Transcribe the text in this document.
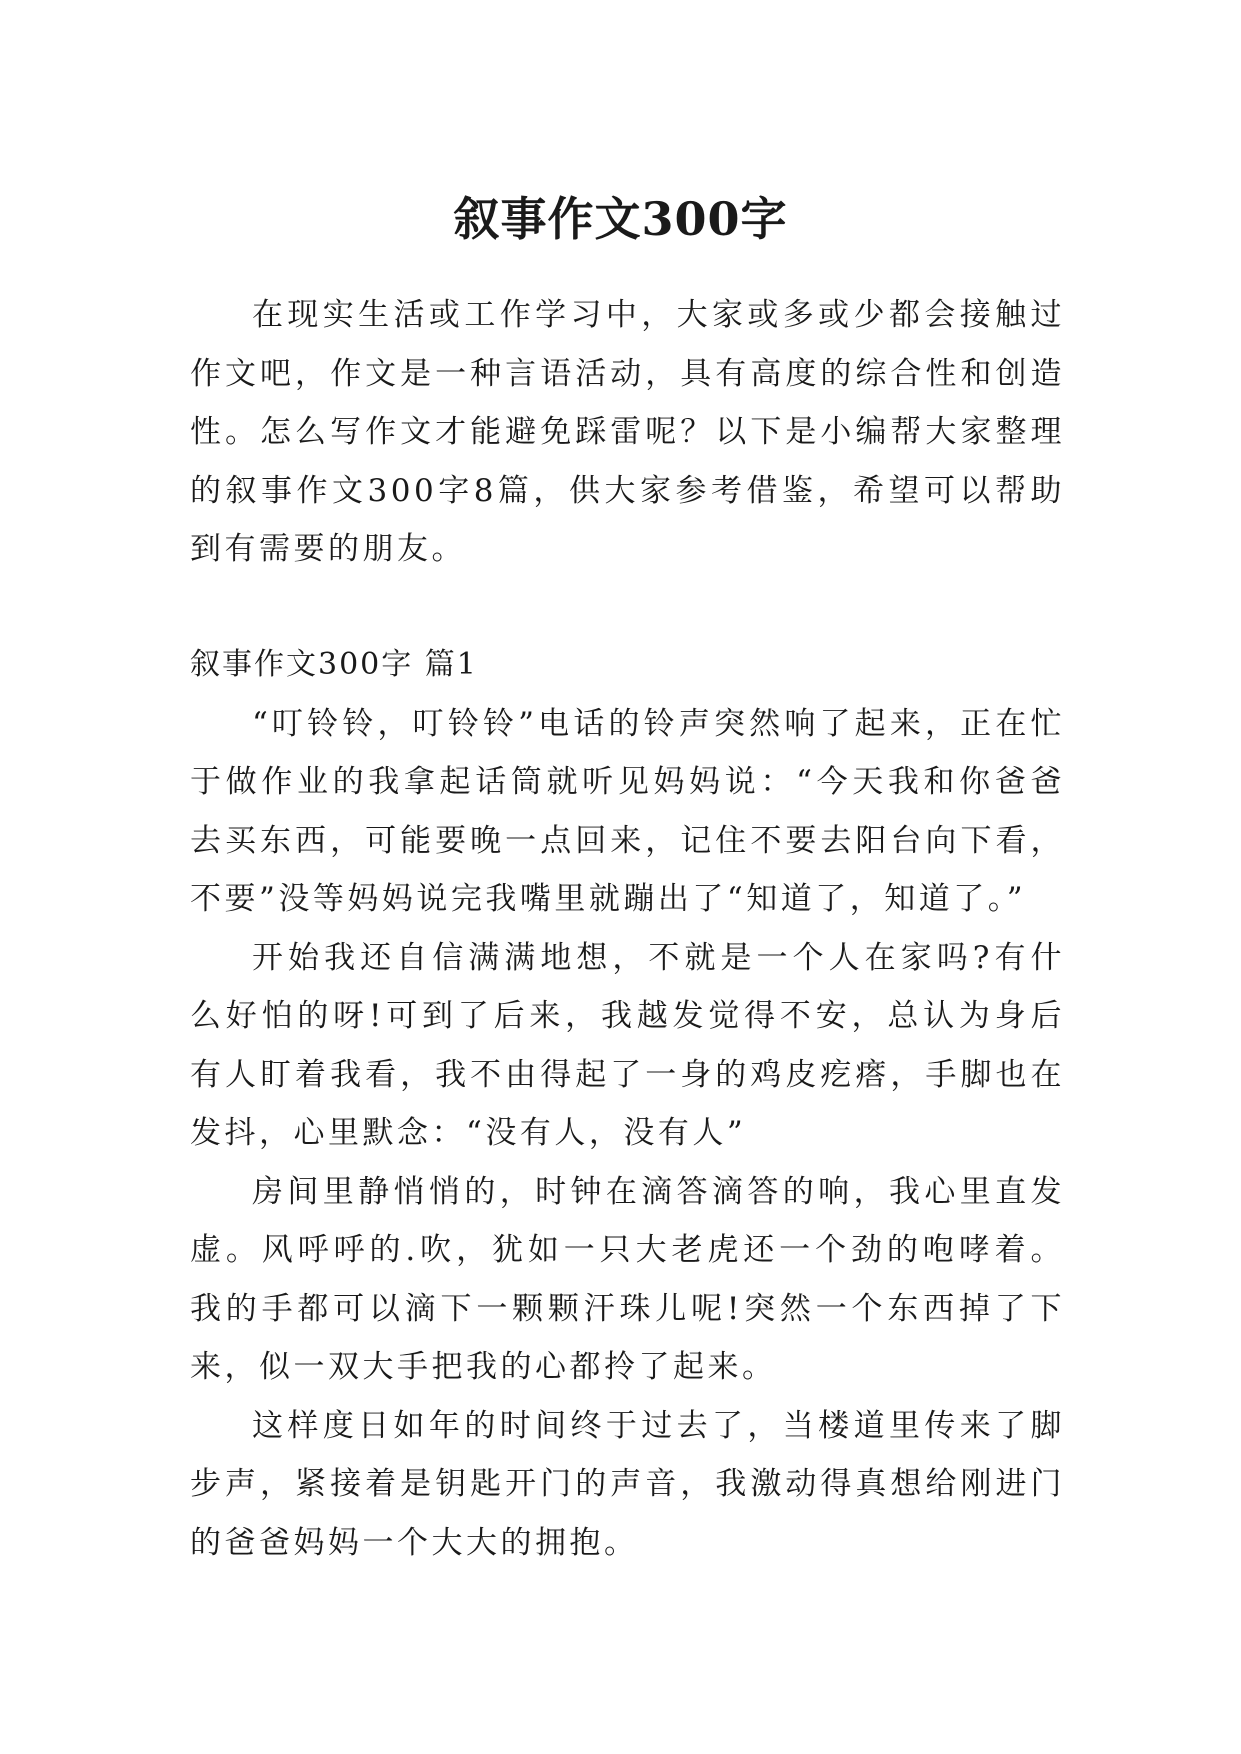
叙事作文300字

在现实生活或工作学习中，大家或多或少都会接触过作文吧，作文是一种言语活动，具有高度的综合性和创造性。怎么写作文才能避免踩雷呢？以下是小编帮大家整理的叙事作文300字8篇，供大家参考借鉴，希望可以帮助到有需要的朋友。

叙事作文300字 篇1

“叮铃铃，叮铃铃”电话的铃声突然响了起来，正在忙于做作业的我拿起话筒就听见妈妈说：“今天我和你爸爸去买东西，可能要晚一点回来，记住不要去阳台向下看，不要”没等妈妈说完我嘴里就蹦出了“知道了，知道了。”

开始我还自信满满地想，不就是一个人在家吗?有什么好怕的呀!可到了后来，我越发觉得不安，总认为身后有人盯着我看，我不由得起了一身的鸡皮疙瘩，手脚也在发抖，心里默念：“没有人，没有人”

房间里静悄悄的，时钟在滴答滴答的响，我心里直发虚。风呼呼的.吹，犹如一只大老虎还一个劲的咆哮着。我的手都可以滴下一颗颗汗珠儿呢!突然一个东西掉了下来，似一双大手把我的心都拎了起来。

这样度日如年的时间终于过去了，当楼道里传来了脚步声，紧接着是钥匙开门的声音，我激动得真想给刚进门的爸爸妈妈一个大大的拥抱。
